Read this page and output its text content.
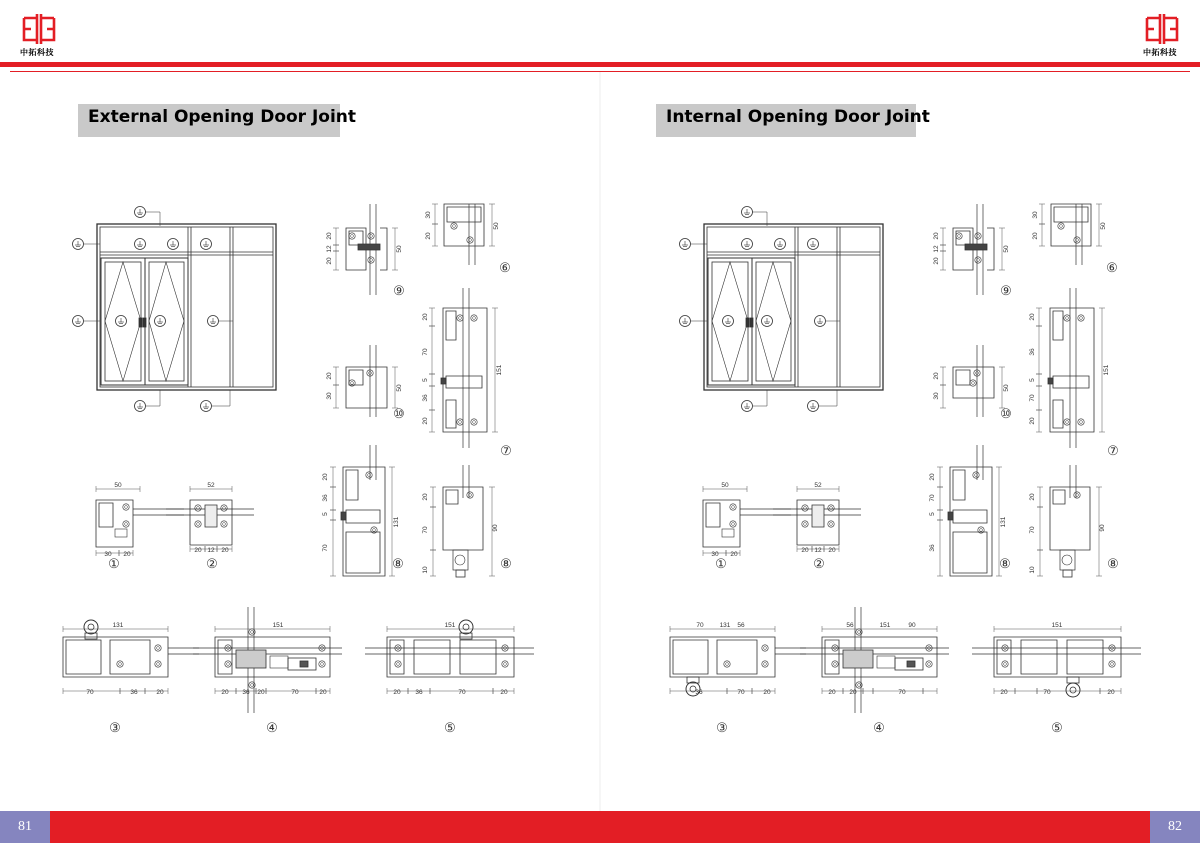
20
12
20
50
⑨
30
20
50
⑥
20
30
50
⑩
20
70
36
20
5
151
⑦
20
36
5
70
131
⑧
20
70
10
90
⑧
50
30 20
①
52
20 12 20
②
131
70	36	20
③
151
20 36 20	70	20
④
151
20 36	70	20
⑤
20
12
20
50
⑨
30
20
50
⑥
20
30
50
⑩
20
36
70
20
5
151
⑦
20
70
5
36
131
⑧
20
70
10
90
⑧
50
30 20
①
52
20 12 20
②
131
70	56
36	70	20
③
151
56	90
20 20	70
④
151
20	70	20
⑤
中拓科技	中拓科技
External Opening Door Joint	Internal Opening Door Joint
81	82
